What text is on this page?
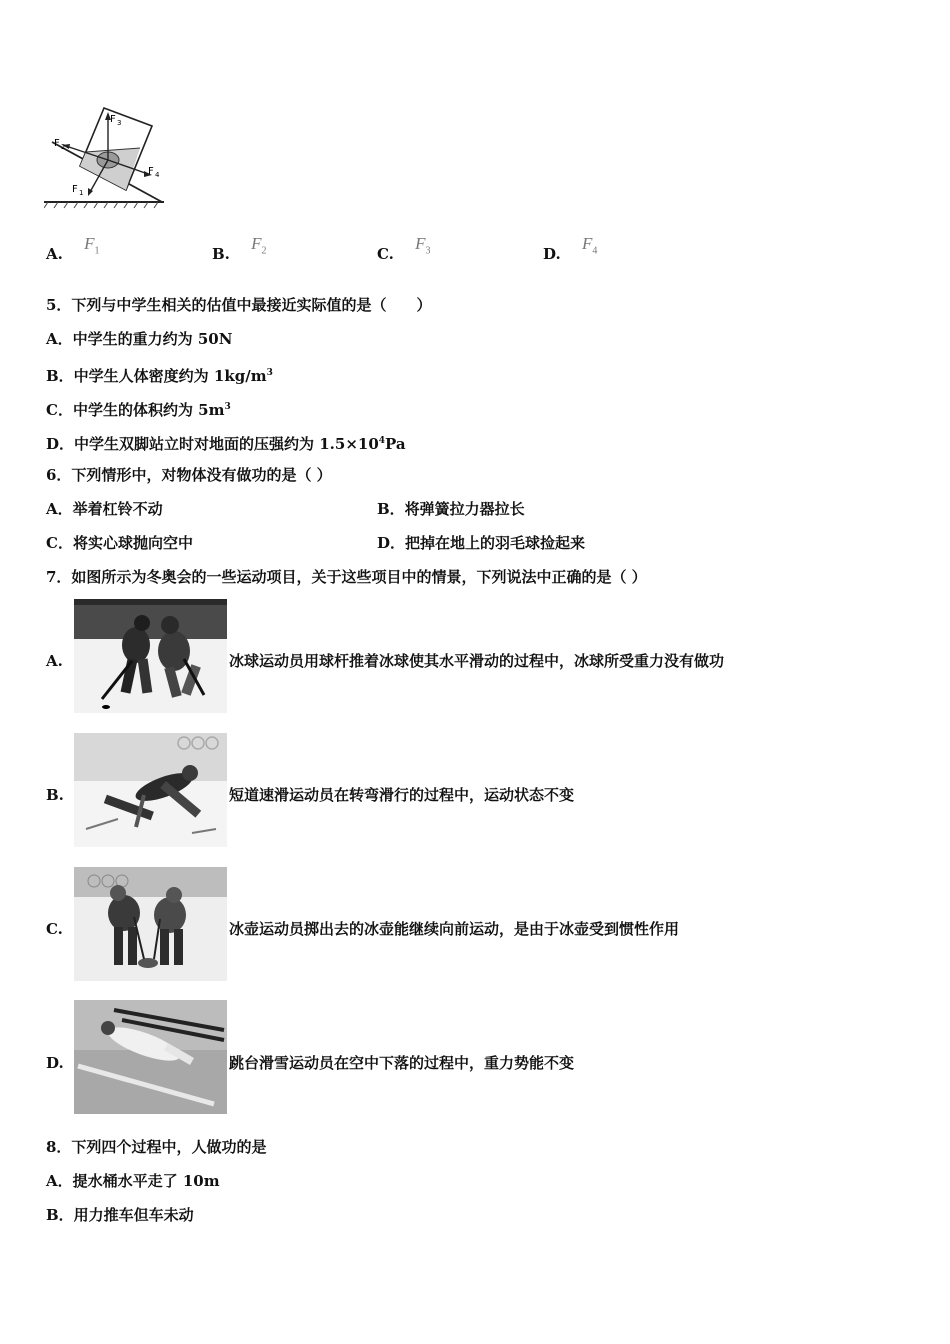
F 3
F 2
F 4
F 1
A. $F_1$	B. $F_2$	C. $F_3$	D. $F_4$
5．下列与中学生相关的估值中最接近实际值的是（　　）
A．中学生的重力约为 50N
B．中学生人体密度约为 $1kg/m^3$
C．中学生的体积约为 $5m^3$
D．中学生双脚站立时对地面的压强约为 $1.5\times 10^4Pa$
6．下列情形中，对物体没有做功的是（ ）
A．举着杠铃不动	B．将弹簧拉力器拉长
C．将实心球抛向空中	D．把掉在地上的羽毛球捡起来
7．如图所示为冬奥会的一些运动项目，关于这些项目中的情景，下列说法中正确的是（ ）
A.	冰球运动员用球杆推着冰球使其水平滑动的过程中，冰球所受重力没有做功
B.	短道速滑运动员在转弯滑行的过程中，运动状态不变
C.	冰壶运动员掷出去的冰壶能继续向前运动，是由于冰壶受到惯性作用
D.	跳台滑雪运动员在空中下落的过程中，重力势能不变
8．下列四个过程中，人做功的是
A．提水桶水平走了 10m
B．用力推车但车未动
